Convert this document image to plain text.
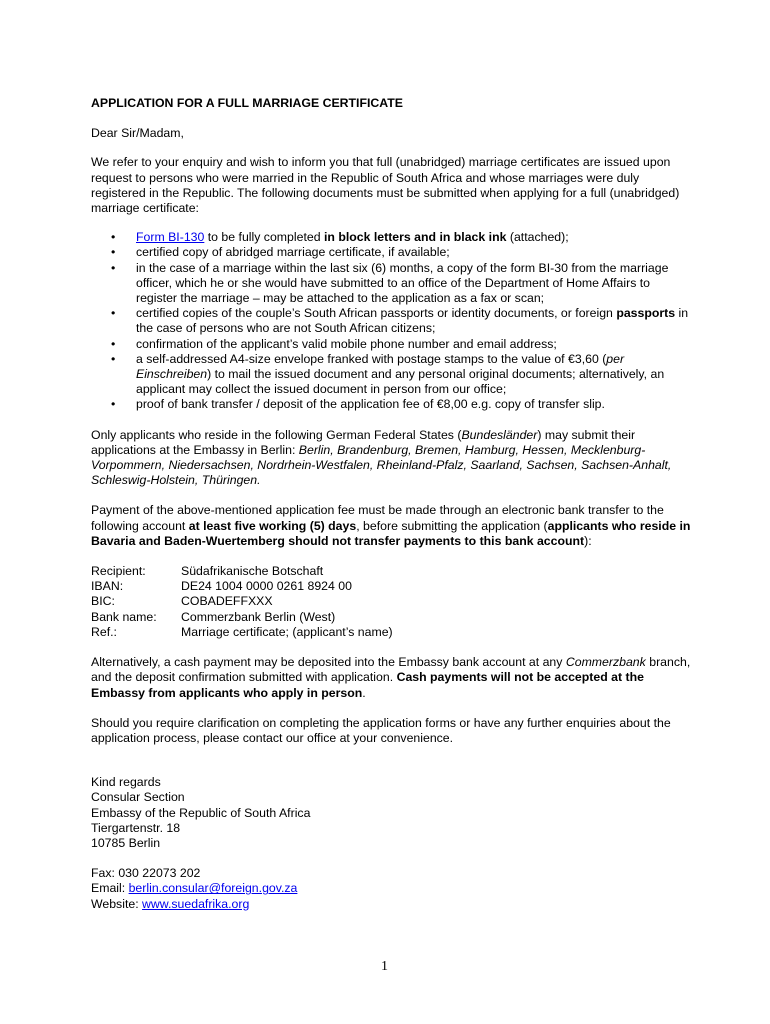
APPLICATION FOR A FULL MARRIAGE CERTIFICATE

Dear Sir/Madam,

We refer to your enquiry and wish to inform you that full (unabridged) marriage certificates are issued upon request to persons who were married in the Republic of South Africa and whose marriages were duly registered in the Republic. The following documents must be submitted when applying for a full (unabridged) marriage certificate:

• Form BI-130 to be fully completed in block letters and in black ink (attached);
• certified copy of abridged marriage certificate, if available;
• in the case of a marriage within the last six (6) months, a copy of the form BI-30 from the marriage officer, which he or she would have submitted to an office of the Department of Home Affairs to register the marriage – may be attached to the application as a fax or scan;
• certified copies of the couple’s South African passports or identity documents, or foreign passports in the case of persons who are not South African citizens;
• confirmation of the applicant’s valid mobile phone number and email address;
• a self-addressed A4-size envelope franked with postage stamps to the value of €3,60 (per Einschreiben) to mail the issued document and any personal original documents; alternatively, an applicant may collect the issued document in person from our office;
• proof of bank transfer / deposit of the application fee of €8,00 e.g. copy of transfer slip.

Only applicants who reside in the following German Federal States (Bundesländer) may submit their applications at the Embassy in Berlin: Berlin, Brandenburg, Bremen, Hamburg, Hessen, Mecklenburg-Vorpommern, Niedersachsen, Nordrhein-Westfalen, Rheinland-Pfalz, Saarland, Sachsen, Sachsen-Anhalt, Schleswig-Holstein, Thüringen.

Payment of the above-mentioned application fee must be made through an electronic bank transfer to the following account at least five working (5) days, before submitting the application (applicants who reside in Bavaria and Baden-Wuertemberg should not transfer payments to this bank account):

Recipient:	Südafrikanische Botschaft
IBAN:	DE24 1004 0000 0261 8924 00
BIC:	COBADEFFXXX
Bank name:	Commerzbank Berlin (West)
Ref.:	Marriage certificate; (applicant’s name)

Alternatively, a cash payment may be deposited into the Embassy bank account at any Commerzbank branch, and the deposit confirmation submitted with application. Cash payments will not be accepted at the Embassy from applicants who apply in person.

Should you require clarification on completing the application forms or have any further enquiries about the application process, please contact our office at your convenience.

Kind regards

Consular Section

Embassy of the Republic of South Africa

Tiergartenstr. 18

10785 Berlin

Fax: 030 22073 202

Email: berlin.consular@foreign.gov.za

Website: www.suedafrika.org

1
